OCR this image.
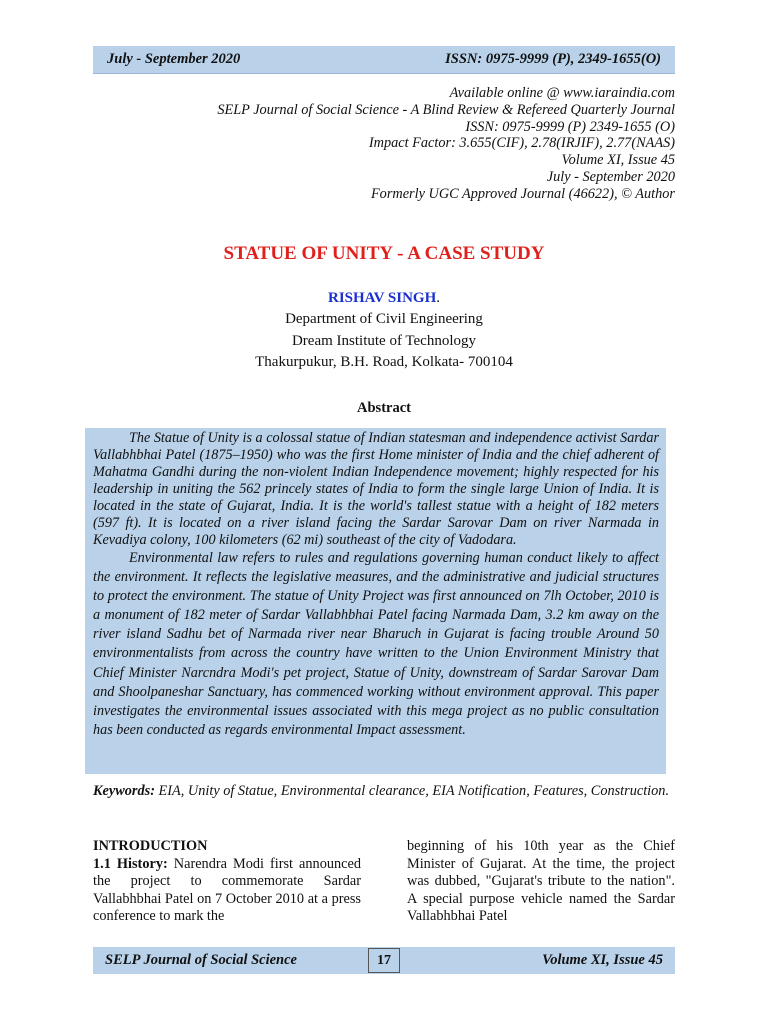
July - September 2020	ISSN: 0975-9999 (P), 2349-1655(O)
Available online @ www.iaraindia.com
SELP Journal of Social Science - A Blind Review & Refereed Quarterly Journal
ISSN: 0975-9999 (P) 2349-1655 (O)
Impact Factor: 3.655(CIF), 2.78(IRJIF), 2.77(NAAS)
Volume XI, Issue 45
July - September 2020
Formerly UGC Approved Journal (46622), © Author
STATUE OF UNITY - A CASE STUDY
RISHAV SINGH.
Department of Civil Engineering
Dream Institute of Technology
Thakurpukur, B.H. Road, Kolkata- 700104
Abstract

The Statue of Unity is a colossal statue of Indian statesman and independence activist Sardar Vallabhbhai Patel (1875–1950) who was the first Home minister of India and the chief adherent of Mahatma Gandhi during the non-violent Indian Independence movement; highly respected for his leadership in uniting the 562 princely states of India to form the single large Union of India. It is located in the state of Gujarat, India. It is the world's tallest statue with a height of 182 meters (597 ft). It is located on a river island facing the Sardar Sarovar Dam on river Narmada in Kevadiya colony, 100 kilometers (62 mi) southeast of the city of Vadodara.

Environmental law refers to rules and regulations governing human conduct likely to affect the environment. It reflects the legislative measures, and the administrative and judicial structures to protect the environment. The statue of Unity Project was first announced on 7lh October, 2010 is a monument of 182 meter of Sardar Vallabhbhai Patel facing Narmada Dam, 3.2 km away on the river island Sadhu bet of Narmada river near Bharuch in Gujarat is facing trouble Around 50 environmentalists from across the country have written to the Union Environment Ministry that Chief Minister Narcndra Modi's pet project, Statue of Unity, downstream of Sardar Sarovar Dam and Shoolpaneshar Sanctuary, has commenced working without environment approval. This paper investigates the environmental issues associated with this mega project as no public consultation has been conducted as regards environmental Impact assessment.

Keywords: EIA, Unity of Statue, Environmental clearance, EIA Notification, Features, Construction.
INTRODUCTION
1.1 History: Narendra Modi first announced the project to commemorate Sardar Vallabhbhai Patel on 7 October 2010 at a press conference to mark the
beginning of his 10th year as the Chief Minister of Gujarat. At the time, the project was dubbed, "Gujarat's tribute to the nation". A special purpose vehicle named the Sardar Vallabhbhai Patel
SELP Journal of Social Science	17	Volume XI, Issue 45
